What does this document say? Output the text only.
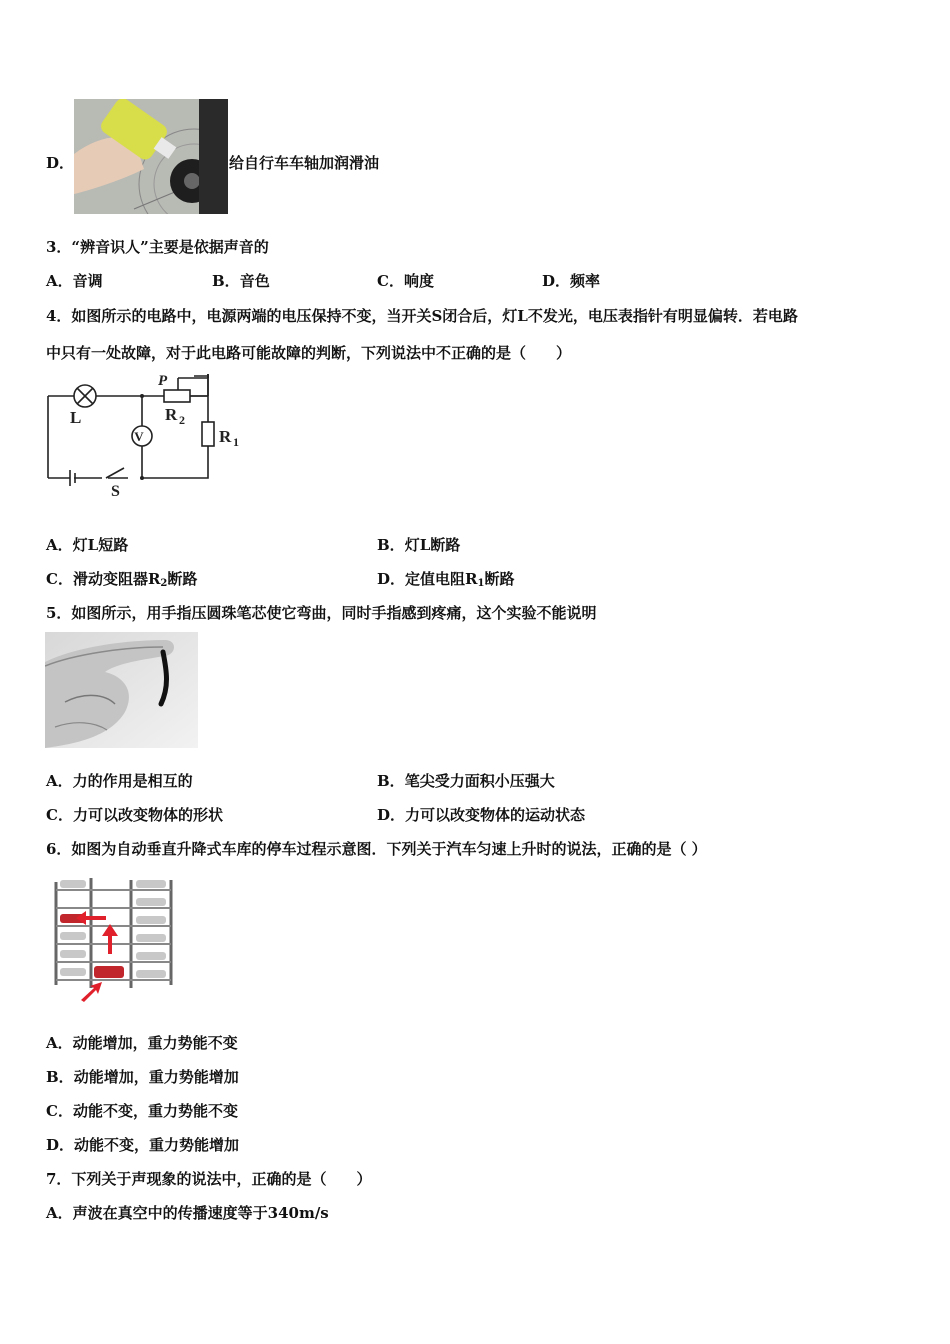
D．	给自行车车轴加润滑油
3．“辨音识人”主要是依据声音的
A．音调	B．音色	C．响度	D．频率
4．如图所示的电路中，电源两端的电压保持不变，当开关S闭合后，灯L不发光，电压表指针有明显偏转．若电路
中只有一处故障，对于此电路可能故障的判断，下列说法中不正确的是（　　）
V
L
P
R 2
R 1
S
A．灯L短路	B．灯L断路
C．滑动变阻器$R_2$断路	D．定值电阻$R_1$断路
5．如图所示，用手指压圆珠笔芯使它弯曲，同时手指感到疼痛，这个实验不能说明
A．力的作用是相互的	B．笔尖受力面积小压强大
C．力可以改变物体的形状	D．力可以改变物体的运动状态
6．如图为自动垂直升降式车库的停车过程示意图．下列关于汽车匀速上升时的说法，正确的是（ ）
A．动能增加，重力势能不变
B．动能增加，重力势能增加
C．动能不变，重力势能不变
D．动能不变，重力势能增加
7．下列关于声现象的说法中，正确的是（　　）
A．声波在真空中的传播速度等于340m/s
